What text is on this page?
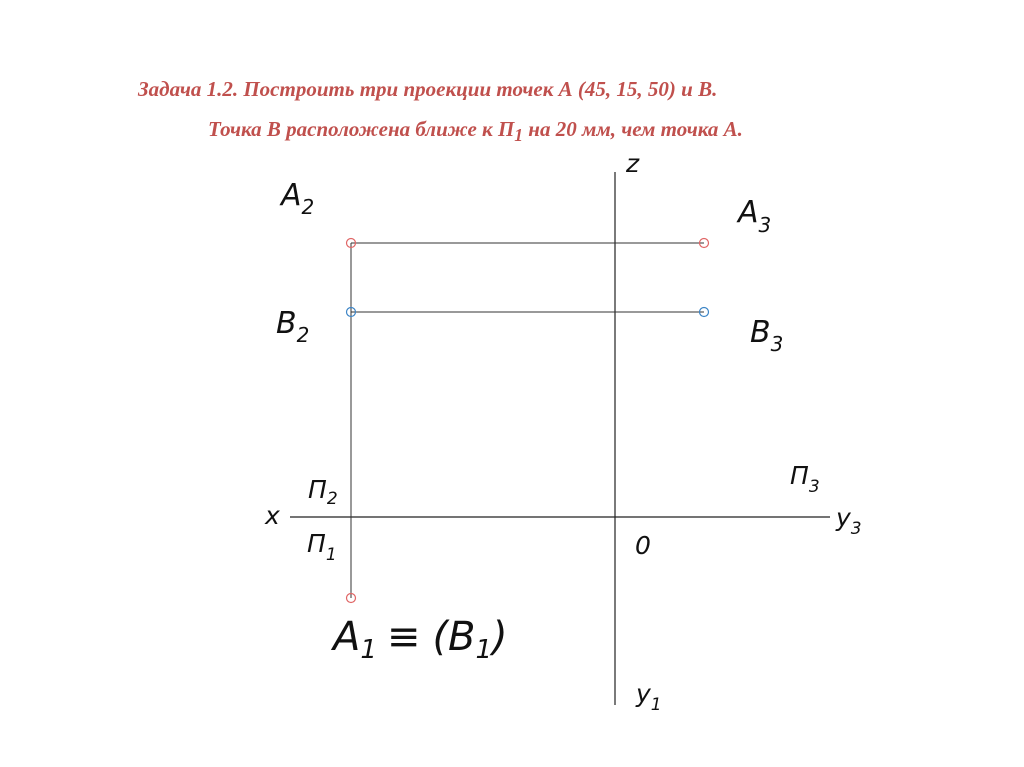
Задача 1.2. Построить три проекции точек А (45, 15, 50) и В.

Точка В расположена ближе к $П_1$ на 20 мм, чем точка А.

z
x	$y_3$
$y_1$
0
$П_2$
$П_1$
$П_3$
$A_2$	$A_3$
$B_2$	$B_3$
$A_1 \equiv (B_1)$
